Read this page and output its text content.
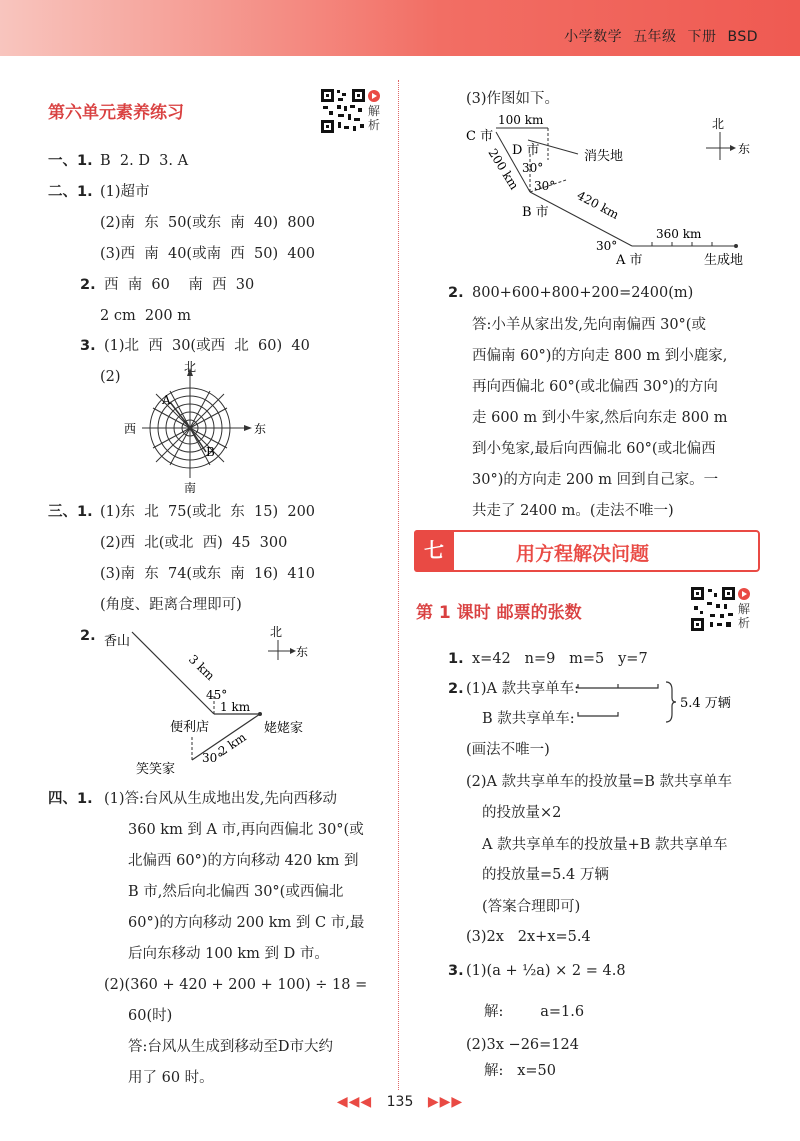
小学数学 五年级 下册 BSD
第六单元素养练习	解析
一、1. B  2. D  3. A
二、1. (1)超市
(2)南  东  50(或东  南  40)  800
(3)西  南  40(或南  西  50)  400
2. 西  南  60    南  西  30
2 cm  200 m
3. (1)北  西  30(或西  北  60)  40
(2)
三、1. (1)东  北  75(或北  东  15)  200
(2)西  北(或北  西)  45  300
(3)南  东  74(或东  南  16)  410
(角度、距离合理即可)
2.
四、1. (1)答:台风从生成地出发,先向西移动
360 km 到 A 市,再向西偏北 30°(或
北偏西 60°)的方向移动 420 km 到
B 市,然后向北偏西 30°(或西偏北
60°)的方向移动 200 km 到 C 市,最
后向东移动 100 km 到 D 市。
(2)(360 + 420 + 200 + 100) ÷ 18 =
60(时)
答:台风从生成到移动至D市大约
用了 60 时。
北
南
西	东
A
B
香山
3 km
45°
1 km
便利店	姥姥家
2 km
30°
笑笑家
北
东
(3)作图如下。
2. 800+600+800+200=2400(m)
答:小羊从家出发,先向南偏西 30°(或
西偏南 60°)的方向走 800 m 到小鹿家,
再向西偏北 60°(或北偏西 30°)的方向
走 600 m 到小牛家,然后向东走 800 m
到小兔家,最后向西偏北 60°(或北偏西
30°)的方向走 200 m 回到自己家。一
共走了 2400 m。(走法不唯一)
C 市
100 km
D 市	消失地
200 km 30°
B 市 420 km
30°
360 km
30°
A 市	生成地
北
东
七	用方程解决问题
第 1 课时 邮票的张数	解析
1. x=42   n=9   m=5   y=7
2. (1)A 款共享单车:
B 款共享单车:
(画法不唯一)
(2)A 款共享单车的投放量=B 款共享单车
的投放量×2
A 款共享单车的投放量+B 款共享单车
的投放量=5.4 万辆
(答案合理即可)
(3)2x   2x+x=5.4
3. (1)(a + ½a) × 2 = 4.8
解:        a=1.6
(2)3x −26=124
解:   x=50
5.4 万辆
◀◀◀ 135 ▶▶▶
